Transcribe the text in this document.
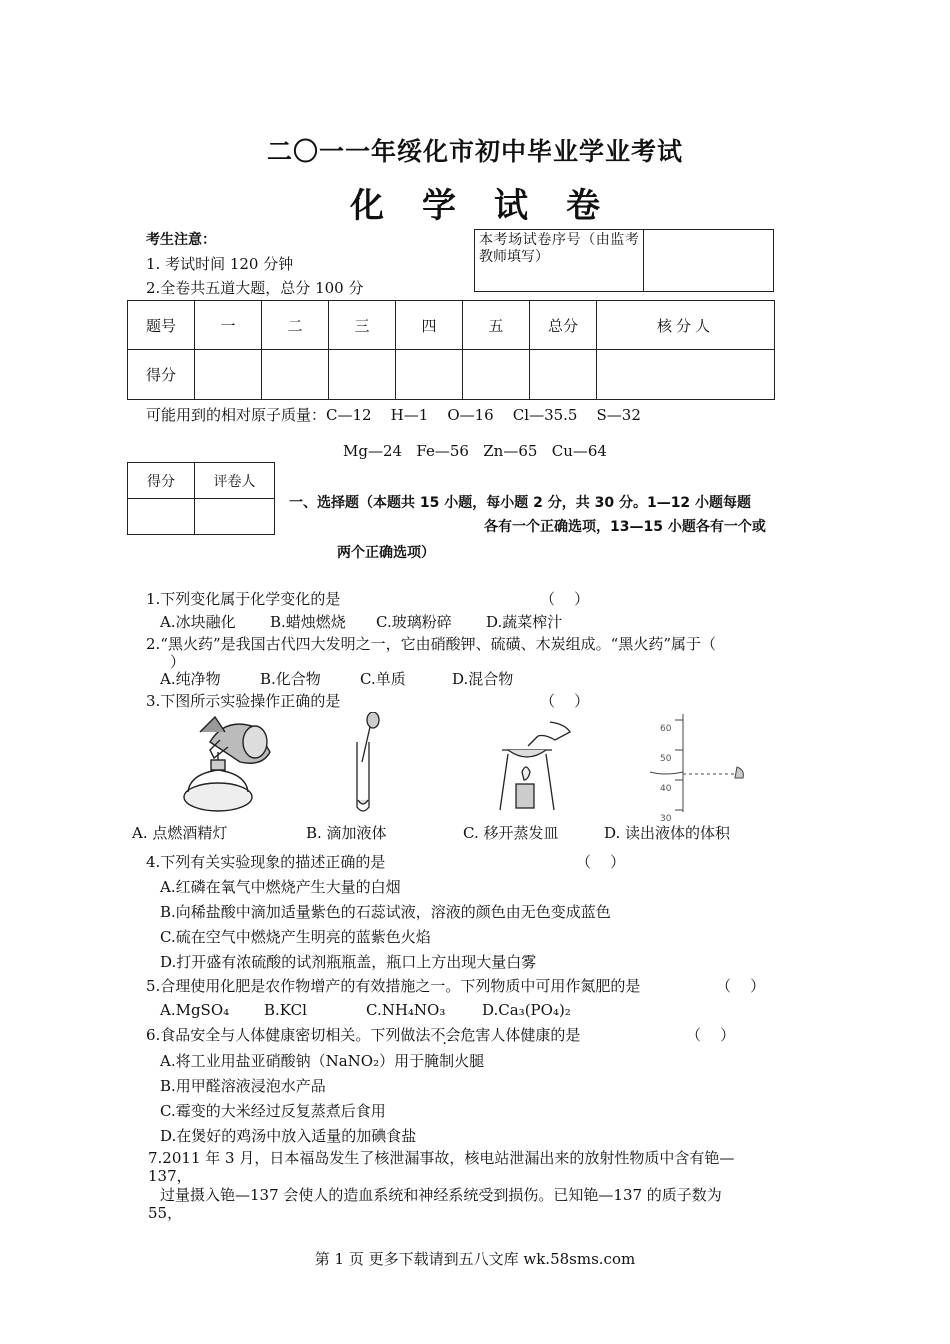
二〇一一年绥化市初中毕业学业考试
化学试卷
考生注意：
1. 考试时间 120 分钟
2.全卷共五道大题，总分 100 分
本考场试卷序号（由监考教师填写）	
题号	一	二	三	四	五	总分	核分人
得分							
可能用到的相对原子质量：C—12    H—1    O—16    Cl—35.5    S—32
Mg—24   Fe—56   Zn—65   Cu—64
得分	评卷人

一、选择题（本题共 15 小题，每小题 2 分，共 30 分。1—12 小题每题
各有一个正确选项，13—15 小题各有一个或
两个正确选项）
1.下列变化属于化学变化的是	（    ）
A.冰块融化 B.蜡烛燃烧 C.玻璃粉碎 D.蔬菜榨汁
2.“黑火药”是我国古代四大发明之一，它由硝酸钾、硫磺、木炭组成。“黑火药”属于（
）
A.纯净物	B.化合物	C.单质	D.混合物
3.下图所示实验操作正确的是	（    ）
60
50
40
30
A. 点燃酒精灯	B. 滴加液体	C. 移开蒸发皿	D. 读出液体的体积
4.下列有关实验现象的描述正确的是	（    ）
A.红磷在氧气中燃烧产生大量的白烟
B.向稀盐酸中滴加适量紫色的石蕊试液，溶液的颜色由无色变成蓝色
C.硫在空气中燃烧产生明亮的蓝紫色火焰
D.打开盛有浓硫酸的试剂瓶瓶盖，瓶口上方出现大量白雾
5.合理使用化肥是农作物增产的有效措施之一。下列物质中可用作氮肥的是	（    ）
A.MgSO₄ B.KCl	C.NH₄NO₃ D.Ca₃(PO₄)₂
6.食品安全与人体健康密切相关。下列做法不会危害人体健康的是	（    ）
A.将工业用盐亚硝酸钠（NaNO₂）用于腌制火腿
B.用甲醛溶液浸泡水产品
C.霉变的大米经过反复蒸煮后食用
D.在煲好的鸡汤中放入适量的加碘食盐
7.2011 年 3 月，日本福岛发生了核泄漏事故，核电站泄漏出来的放射性物质中含有铯—
137，
过量摄入铯—137 会使人的造血系统和神经系统受到损伤。已知铯—137 的质子数为
55，
第 1 页 更多下载请到五八文库 wk.58sms.com
